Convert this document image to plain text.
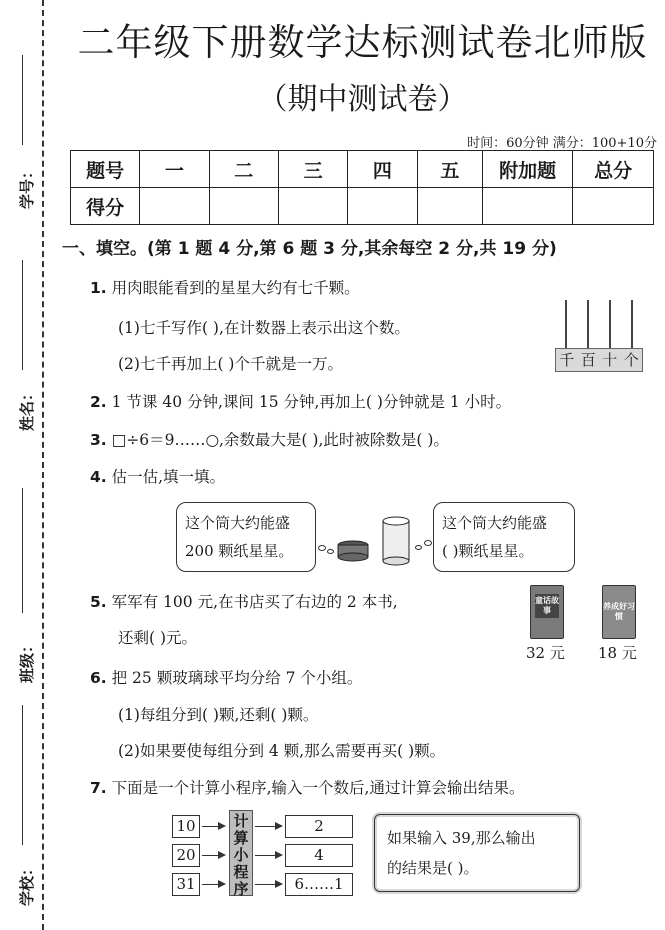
学号：
姓名：
班级：
学校：
二年级下册数学达标测试卷北师版
（期中测试卷）
时间：60分钟 满分：100+10分
题号	一	二	三	四	五	附加题	总分
得分							
一、填空。(第 1 题 4 分,第 6 题 3 分,其余每空 2 分,共 19 分)
1. 用肉眼能看到的星星大约有七千颗。
(1)七千写作( ),在计数器上表示出这个数。
(2)七千再加上( )个千就是一万。	千 百 十 个
2. 1 节课 40 分钟,课间 15 分钟,再加上( )分钟就是 1 小时。
3. □÷6＝9……○,余数最大是( ),此时被除数是( )。
4. 估一估,填一填。
这个筒大约能盛
200 颗纸星星。
这个筒大约能盛
( )颗纸星星。
5. 军军有 100 元,在书店买了右边的 2 本书,
还剩( )元。
童话故事	养成好习惯
32 元 18 元
6. 把 25 颗玻璃球平均分给 7 个小组。
(1)每组分到( )颗,还剩( )颗。
(2)如果要使每组分到 4 颗,那么需要再买( )颗。
7. 下面是一个计算小程序,输入一个数后,通过计算会输出结果。
10
20
31
计
算
小
程
序
2
4
6……1
如果输入 39,那么输出
的结果是( )。
